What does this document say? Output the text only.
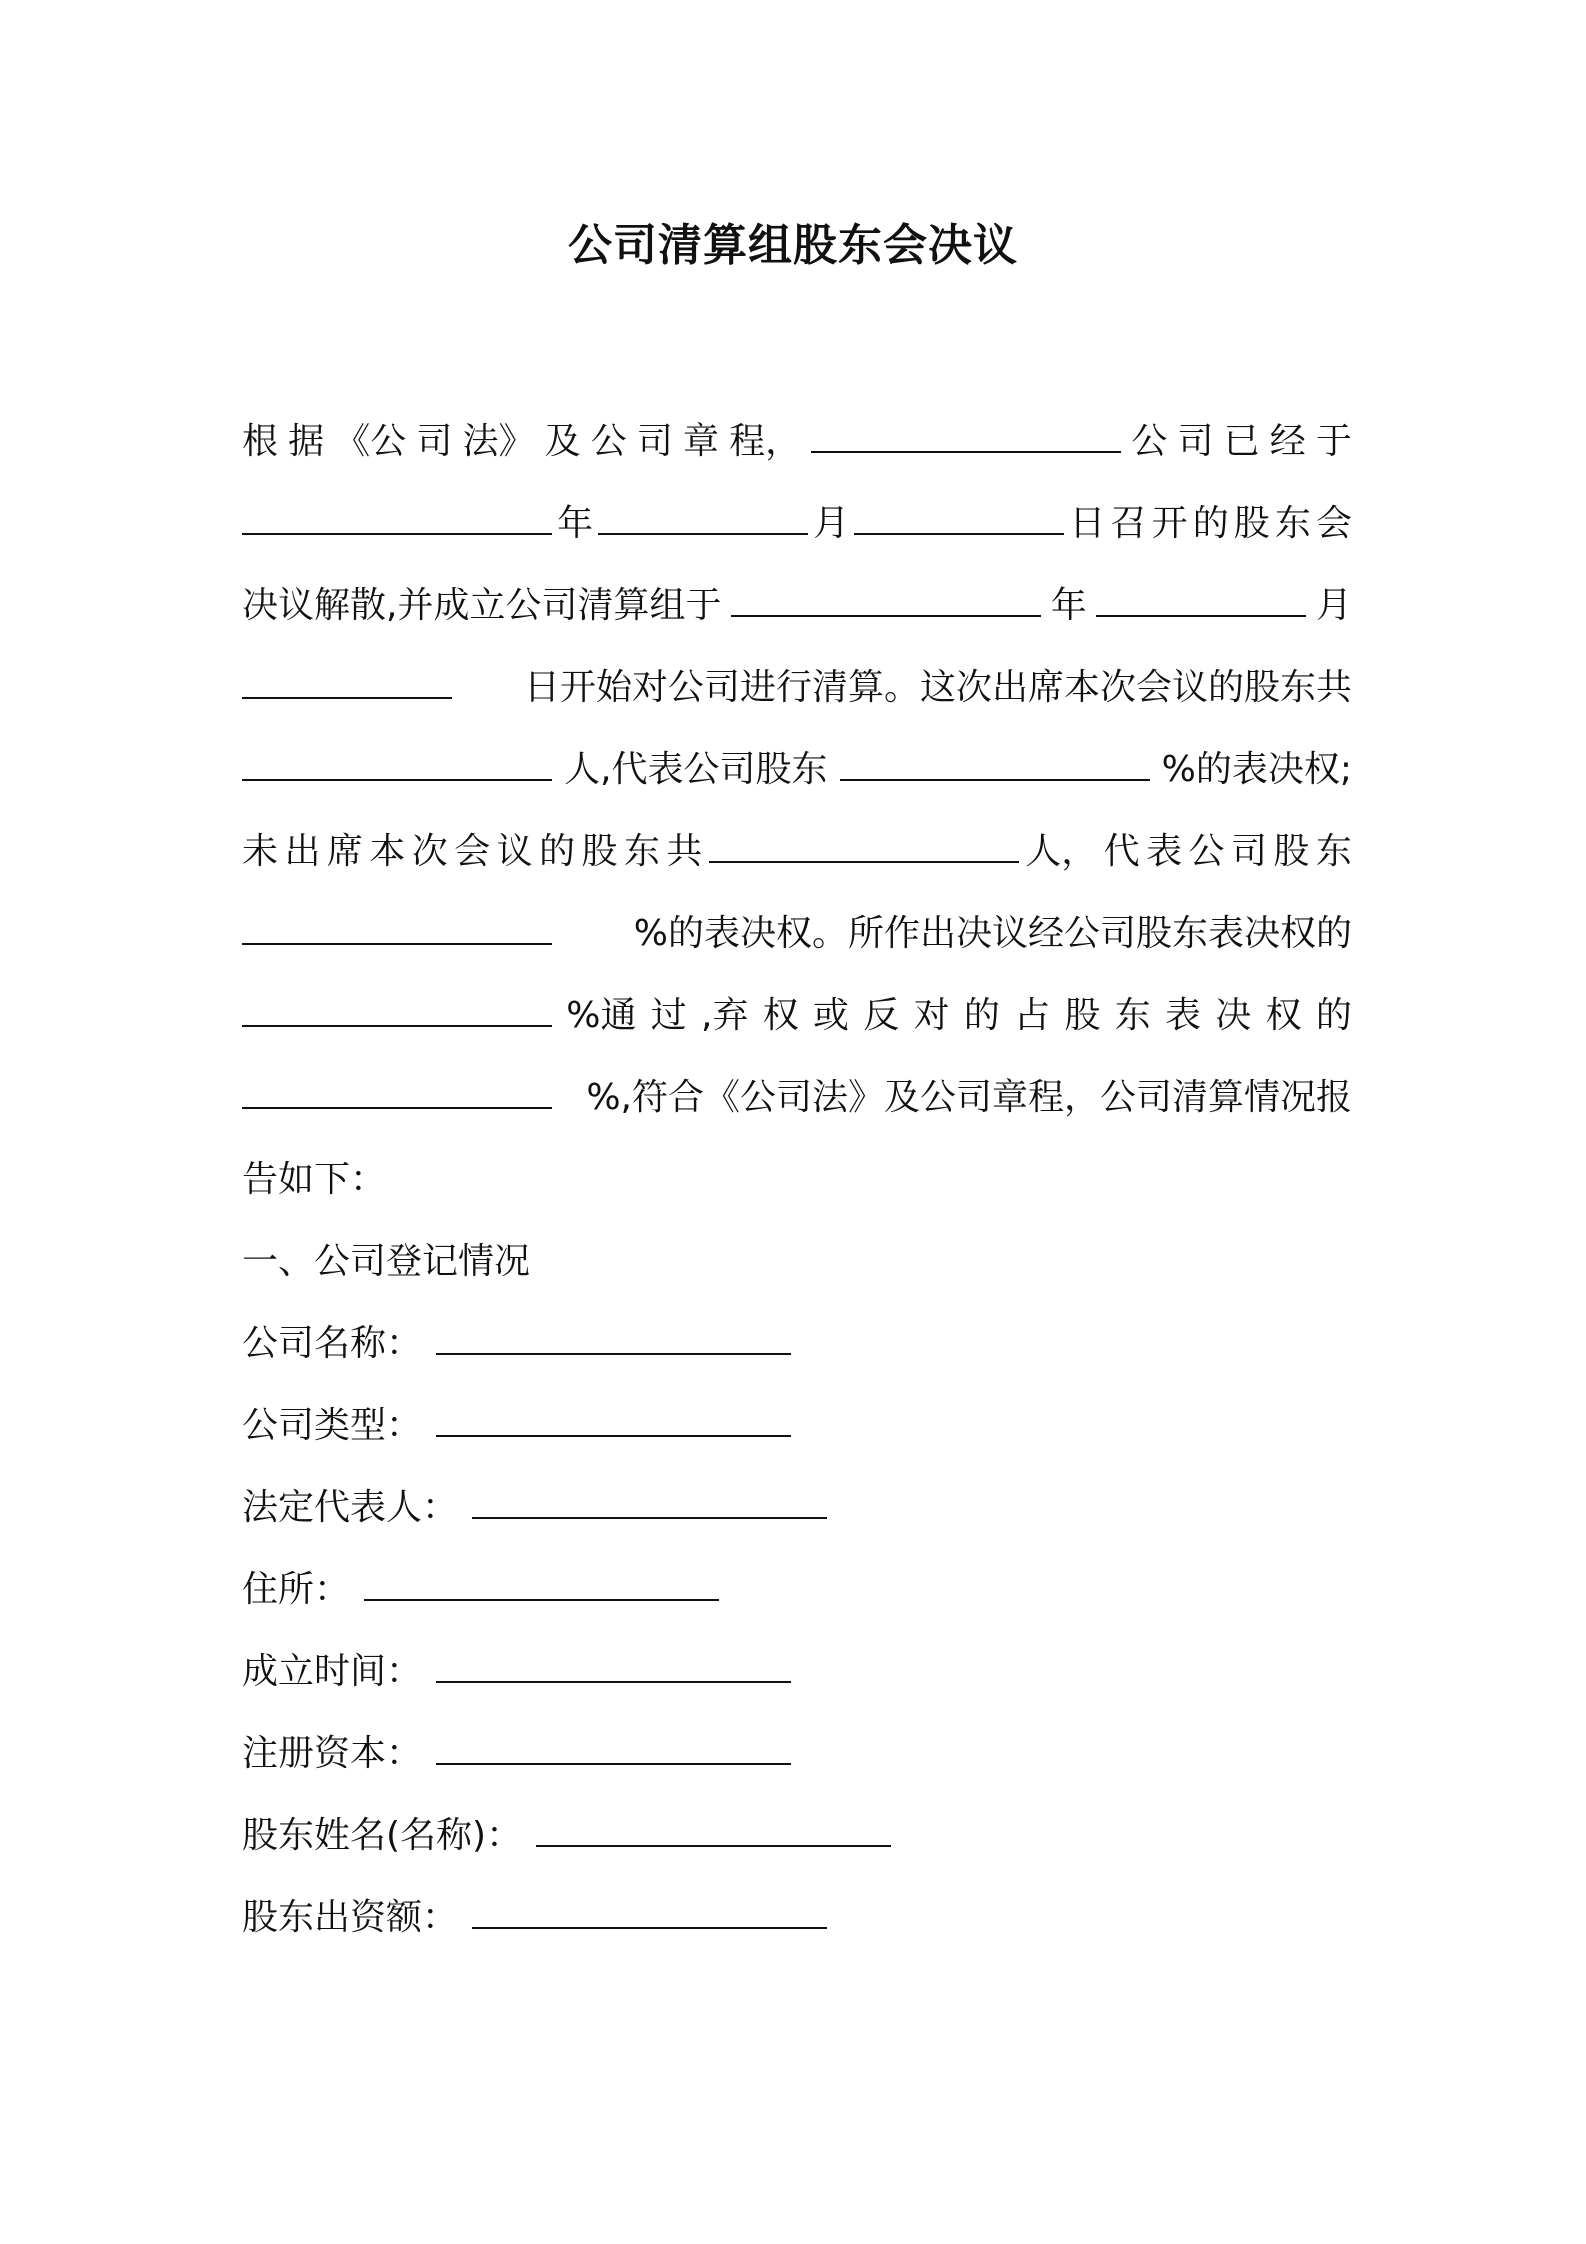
公司清算组股东会决议
根 据 《公 司 法》 及 公 司 章 程，	公 司 已 经 于
年	月	日 召 开 的 股 东 会
决议解散,并成立公司清算组于	年	月
日开始对公司进行清算。这次出席本次会议的股东共
人,代表公司股东	%的表决权;
未 出 席 本 次 会 议 的 股 东 共	人， 代 表 公 司 股 东
%的表决权。所作出决议经公司股东表决权的
%通 过 ,弃 权 或 反 对 的 占 股 东 表 决 权 的
%,符合《公司法》及公司章程，公司清算情况报
告如下：
一、公司登记情况
公司名称：
公司类型：
法定代表人：
住所：
成立时间：
注册资本：
股东姓名(名称)：
股东出资额：
